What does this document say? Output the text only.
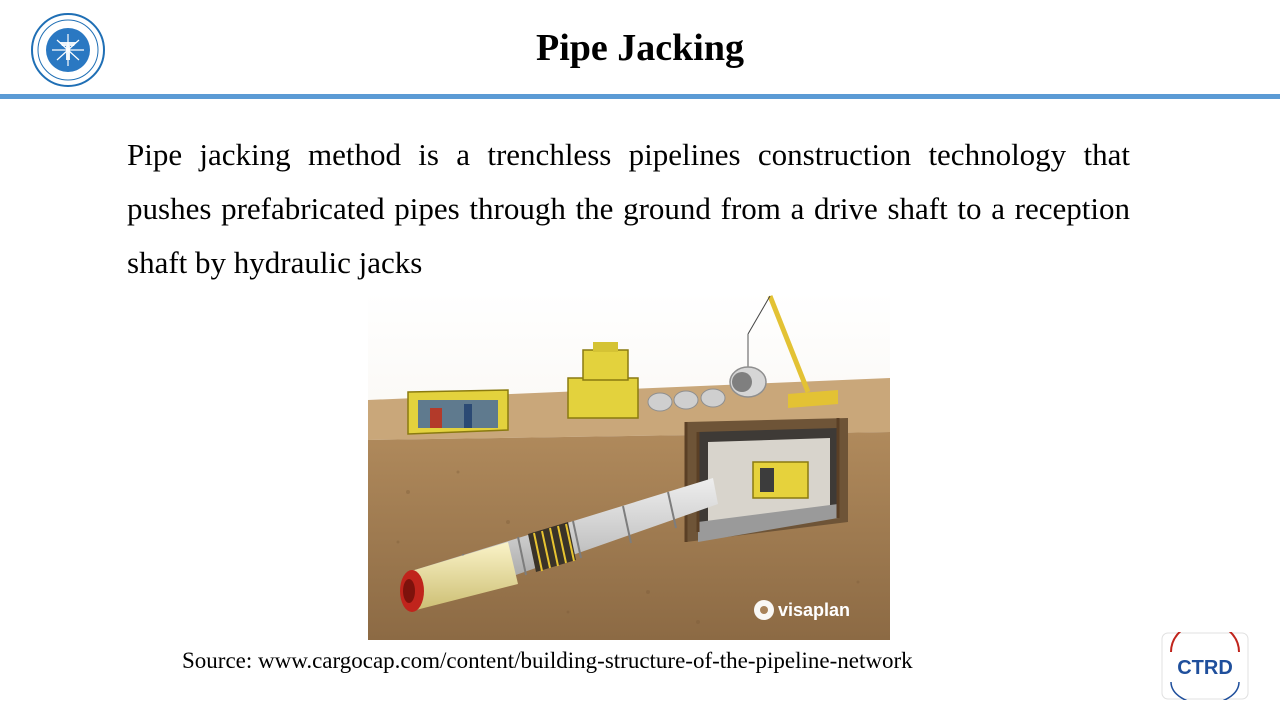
Pipe Jacking
Pipe jacking method is a trenchless pipelines construction technology that pushes prefabricated pipes through the ground from a drive shaft to a reception shaft by hydraulic jacks
visaplan
Source: www.cargocap.com/content/building-structure-of-the-pipeline-network	CTRD
